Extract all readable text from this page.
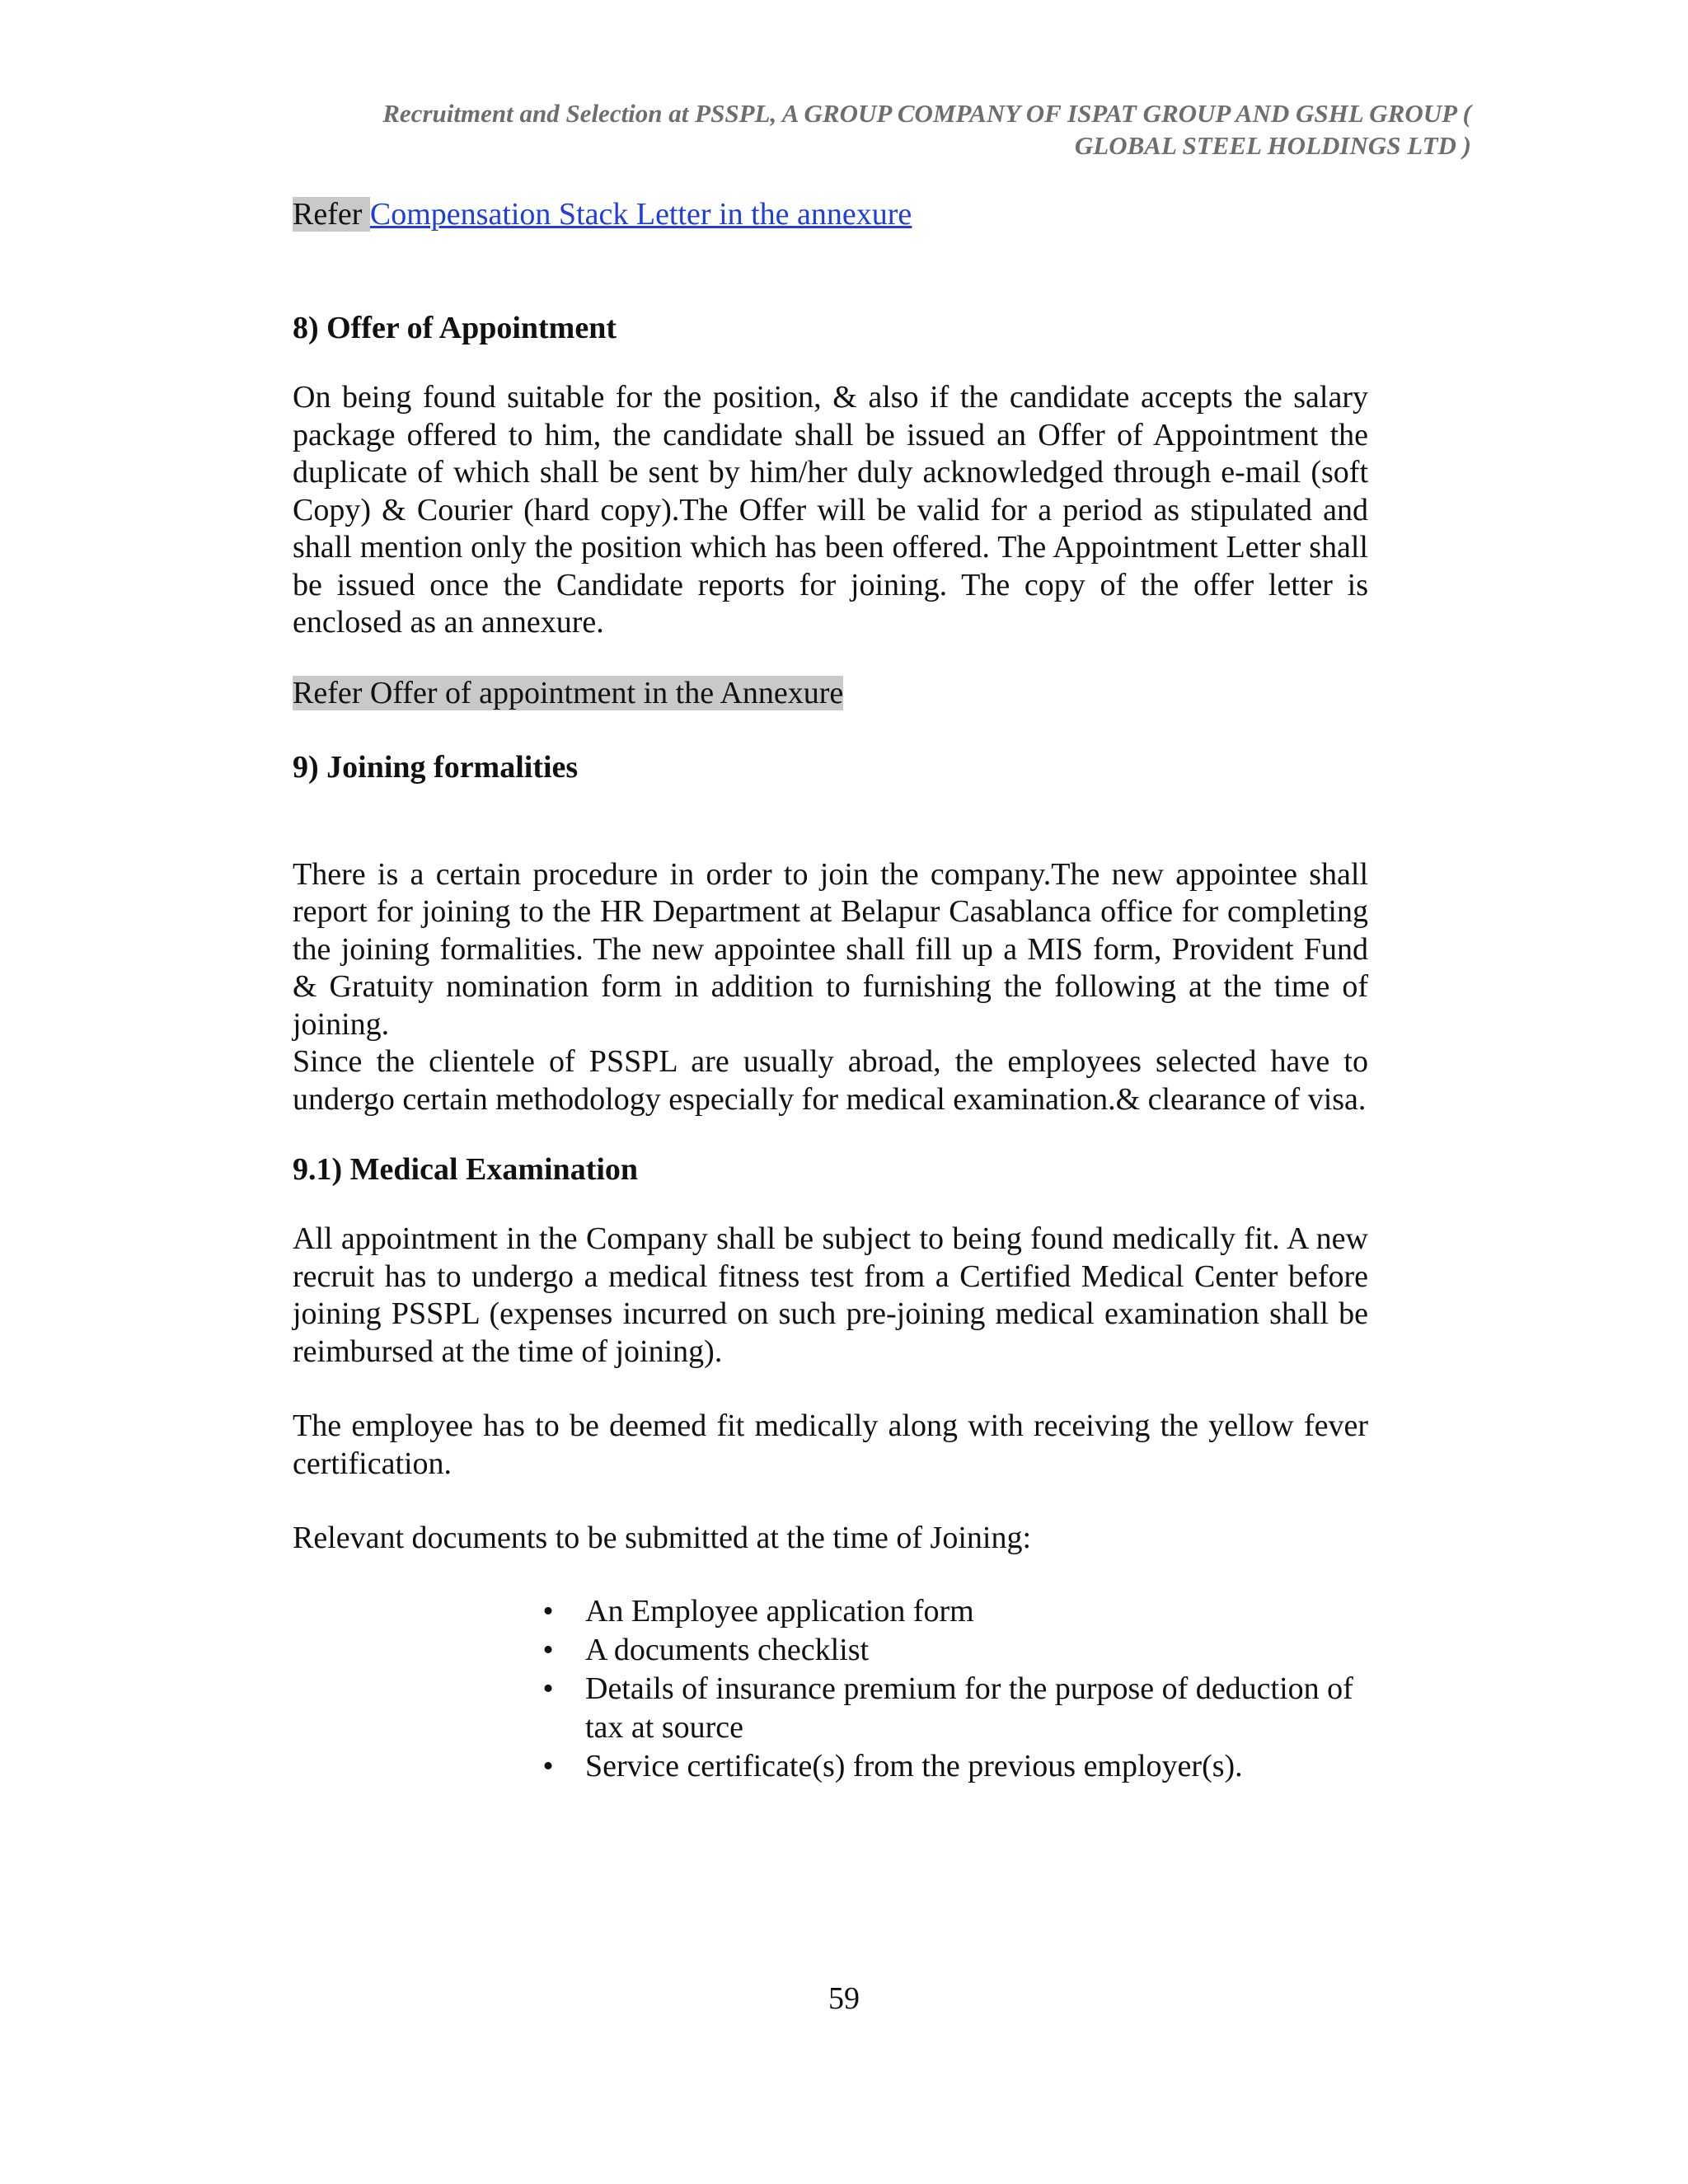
Recruitment and Selection at PSSPL, A GROUP COMPANY OF ISPAT GROUP AND GSHL GROUP (
GLOBAL STEEL HOLDINGS LTD )
Refer Compensation Stack Letter in the annexure
8) Offer of Appointment

On being found suitable for the position, & also if the candidate accepts the salary package offered to him, the candidate shall be issued an Offer of Appointment the duplicate of which shall be sent by him/her duly acknowledged through e-mail (soft Copy) & Courier (hard copy).The Offer will be valid for a period as stipulated and shall mention only the position which has been offered. The Appointment Letter shall be issued once the Candidate reports for joining. The copy of the offer letter is enclosed as an annexure.

Refer Offer of appointment in the Annexure
9) Joining formalities

There is a certain procedure in order to join the company.The new appointee shall report for joining to the HR Department at Belapur Casablanca office for completing the joining formalities. The new appointee shall fill up a MIS form, Provident Fund & Gratuity nomination form in addition to furnishing the following at the time of joining.

Since the clientele of PSSPL are usually abroad, the employees selected have to undergo certain methodology especially for medical examination.& clearance of visa.

9.1) Medical Examination

All appointment in the Company shall be subject to being found medically fit. A new recruit has to undergo a medical fitness test from a Certified Medical Center before joining PSSPL (expenses incurred on such pre-joining medical examination shall be reimbursed at the time of joining).

The employee has to be deemed fit medically along with receiving the yellow fever certification.

Relevant documents to be submitted at the time of Joining:

• An Employee application form
• A documents checklist
• Details of insurance premium for the purpose of deduction of tax at source
• Service certificate(s) from the previous employer(s).
59
